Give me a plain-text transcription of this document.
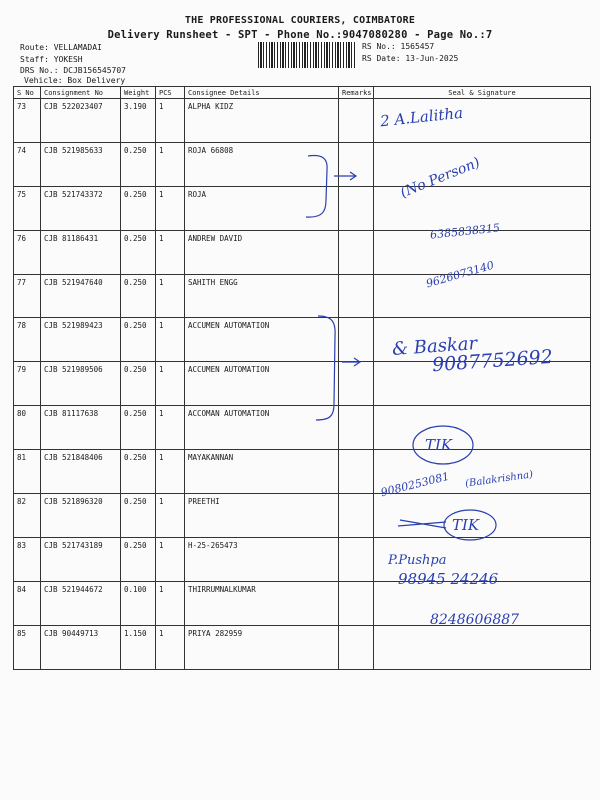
THE PROFESSIONAL COURIERS, COIMBATORE
Delivery Runsheet - SPT - Phone No.:9047080280 - Page No.:7
Route: VELLAMADAI
Staff: YOKESH
DRS No.: DCJB156545707
Vehicle: Box Delivery
RS No.: 1565457
RS Date: 13-Jun-2025
S No	Consignment No	Weight	PCS	Consignee Details	Remarks	Seal & Signature
73	CJB 522023407	3.190	1	ALPHA KIDZ		
74	CJB 521985633	0.250	1	ROJA 66808		
75	CJB 521743372	0.250	1	ROJA		
76	CJB 81186431	0.250	1	ANDREW DAVID		
77	CJB 521947640	0.250	1	SAHITH ENGG		
78	CJB 521989423	0.250	1	ACCUMEN AUTOMATION		
79	CJB 521989506	0.250	1	ACCUMEN AUTOMATION		
80	CJB 81117638	0.250	1	ACCOMAN AUTOMATION		
81	CJB 521848406	0.250	1	MAYAKANNAN		
82	CJB 521896320	0.250	1	PREETHI		
83	CJB 521743189	0.250	1	H-25-265473		
84	CJB 521944672	0.100	1	THIRRUMNALKUMAR		
85	CJB 90449713	1.150	1	PRIYA 282959		
2 A.Lalitha
(No Person)
6385838315
9626073140
& Baskar
9087752692
TIK
9080253081 (Balakrishna)
TIK
P.Pushpa
98945 24246
8248606887
